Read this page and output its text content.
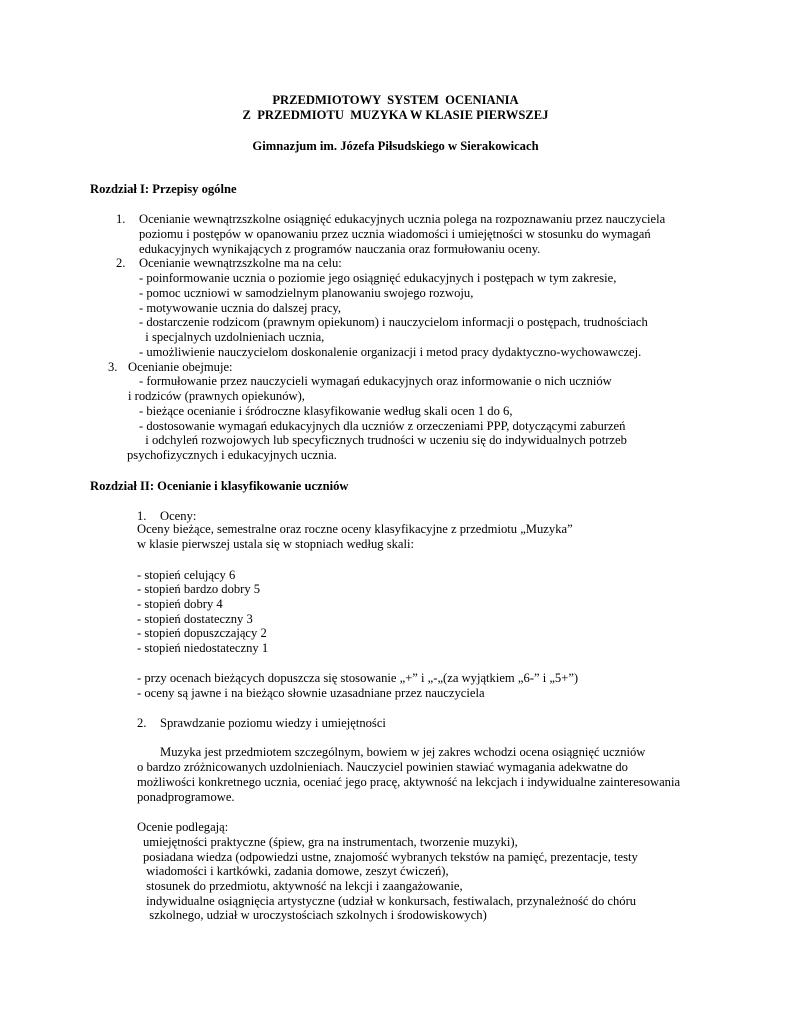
PRZEDMIOTOWY  SYSTEM  OCENIANIA
Z  PRZEDMIOTU  MUZYKA W KLASIE PIERWSZEJ
Gimnazjum im. Józefa Piłsudskiego w Sierakowicach
Rozdział I: Przepisy ogólne
1. Ocenianie wewnątrzszkolne osiągnięć edukacyjnych ucznia polega na rozpoznawaniu przez nauczyciela
poziomu i postępów w opanowaniu przez ucznia wiadomości i umiejętności w stosunku do wymagań
edukacyjnych wynikających z programów nauczania oraz formułowaniu oceny.
2. Ocenianie wewnątrzszkolne ma na celu:
- poinformowanie ucznia o poziomie jego osiągnięć edukacyjnych i postępach w tym zakresie,
- pomoc uczniowi w samodzielnym planowaniu swojego rozwoju,
- motywowanie ucznia do dalszej pracy,
- dostarczenie rodzicom (prawnym opiekunom) i nauczycielom informacji o postępach, trudnościach
i specjalnych uzdolnieniach ucznia,
- umożliwienie nauczycielom doskonalenie organizacji i metod pracy dydaktyczno-wychowawczej.
3. Ocenianie obejmuje:
- formułowanie przez nauczycieli wymagań edukacyjnych oraz informowanie o nich uczniów
i rodziców (prawnych opiekunów),
- bieżące ocenianie i śródroczne klasyfikowanie według skali ocen 1 do 6,
- dostosowanie wymagań edukacyjnych dla uczniów z orzeczeniami PPP, dotyczącymi zaburzeń
i odchyleń rozwojowych lub specyficznych trudności w uczeniu się do indywidualnych potrzeb
psychofizycznych i edukacyjnych ucznia.
Rozdział II: Ocenianie i klasyfikowanie uczniów
1. Oceny:
Oceny bieżące, semestralne oraz roczne oceny klasyfikacyjne z przedmiotu „Muzyka”
w klasie pierwszej ustala się w stopniach według skali:
- stopień celujący 6
- stopień bardzo dobry 5
- stopień dobry 4
- stopień dostateczny 3
- stopień dopuszczający 2
- stopień niedostateczny 1
- przy ocenach bieżących dopuszcza się stosowanie „+” i „-„(za wyjątkiem „6-” i „5+”)
- oceny są jawne i na bieżąco słownie uzasadniane przez nauczyciela
2. Sprawdzanie poziomu wiedzy i umiejętności
Muzyka jest przedmiotem szczególnym, bowiem w jej zakres wchodzi ocena osiągnięć uczniów
o bardzo zróżnicowanych uzdolnieniach. Nauczyciel powinien stawiać wymagania adekwatne do
możliwości konkretnego ucznia, oceniać jego pracę, aktywność na lekcjach i indywidualne zainteresowania
ponadprogramowe.
Ocenie podlegają:
umiejętności praktyczne (śpiew, gra na instrumentach, tworzenie muzyki),
posiadana wiedza (odpowiedzi ustne, znajomość wybranych tekstów na pamięć, prezentacje, testy
wiadomości i kartkówki, zadania domowe, zeszyt ćwiczeń),
stosunek do przedmiotu, aktywność na lekcji i zaangażowanie,
indywidualne osiągnięcia artystyczne (udział w konkursach, festiwalach, przynależność do chóru
szkolnego, udział w uroczystościach szkolnych i środowiskowych)
